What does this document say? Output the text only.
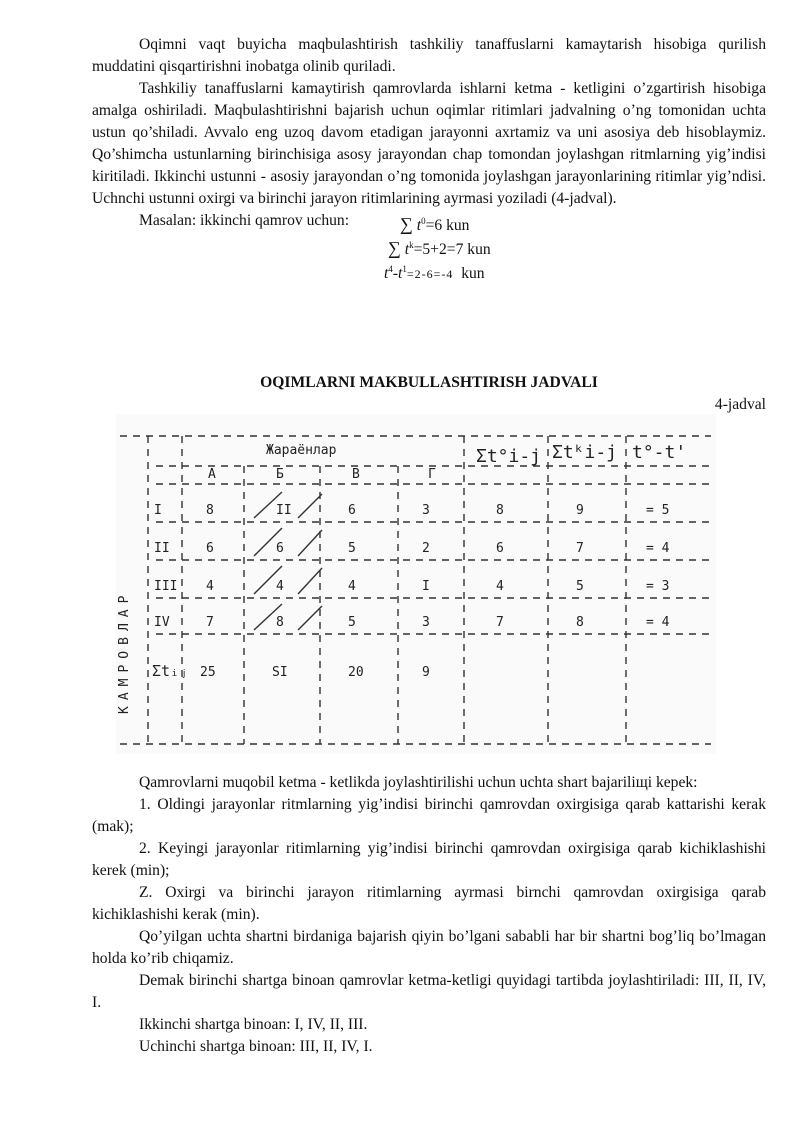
Oqimni vaqt buyicha maqbulashtirish tashkiliy tanaffuslarni kamaytarish hisobiga qurilish muddatini qisqartirishni inobatga olinib quriladi.

Tashkiliy tanaffuslarni kamaytirish qamrovlarda ishlarni ketma - ketligini o’zgartirish hisobiga amalga oshiriladi. Maqbulashtirishni bajarish uchun oqimlar ritimlari jadvalning o’ng tomonidan uchta ustun qo’shiladi. Avvalo eng uzoq davom etadigan jarayonni axrtamiz va uni asosiya deb hisoblaymiz. Qo’shimcha ustunlarning birinchisiga asosy jarayondan chap tomondan joylashgan ritmlarning yig’indisi kiritiladi. Ikkinchi ustunni - asosiy jarayondan o’ng tomonida joylashgan jarayonlarining ritimlar yig’ndisi. Uchnchi ustunni oxirgi va birinchi jarayon ritimlarining ayrmasi yoziladi (4-jadval).

Masalan: ikkinchi qamrov uchun:	∑ $t^0=6$ kun
∑ $t^k=5+2=7$ kun
$t^4-t^1=2-6=-4$ kun
OQIMLARNI MAKBULLASHTIRISH JADVALI
4-jadval
КАМРОВЛАР
Жараёнлар	Σt°i-j Σtᵏi-j t°-t'
А	Б	В	Г
I	8	II	6	3	8	9	= 5
II	6	6	5	2	6	7	= 4
III 4	4	4	I	4	5	= 3
IV	7	8	5	3	7	8	= 4
Σtᵢⱼ 25	SI	20	9

Qamrovlarni muqobil ketma - ketlikda joylashtirilishi uchun uchta shart bajariliщi kepek:

1. Oldingi jarayonlar ritmlarning yig’indisi birinchi qamrovdan oxirgisiga qarab kattarishi kerak (mak);

2. Keyingi jarayonlar ritimlarning yig’indisi birinchi qamrovdan oxirgisiga qarab kichiklashishi kerek (min);

Z. Oxirgi va birinchi jarayon ritimlarning ayrmasi birnchi qamrovdan oxirgisiga qarab kichiklashishi kerak (min).

Qo’yilgan uchta shartni birdaniga bajarish qiyin bo’lgani sababli har bir shartni bog’liq bo’lmagan holda ko’rib chiqamiz.

Demak birinchi shartga binoan qamrovlar ketma-ketligi quyidagi tartibda joylashtiriladi: III, II, IV, I.

Ikkinchi shartga binoan: I, IV, II, III.

Uchinchi shartga binoan: III, II, IV, I.
